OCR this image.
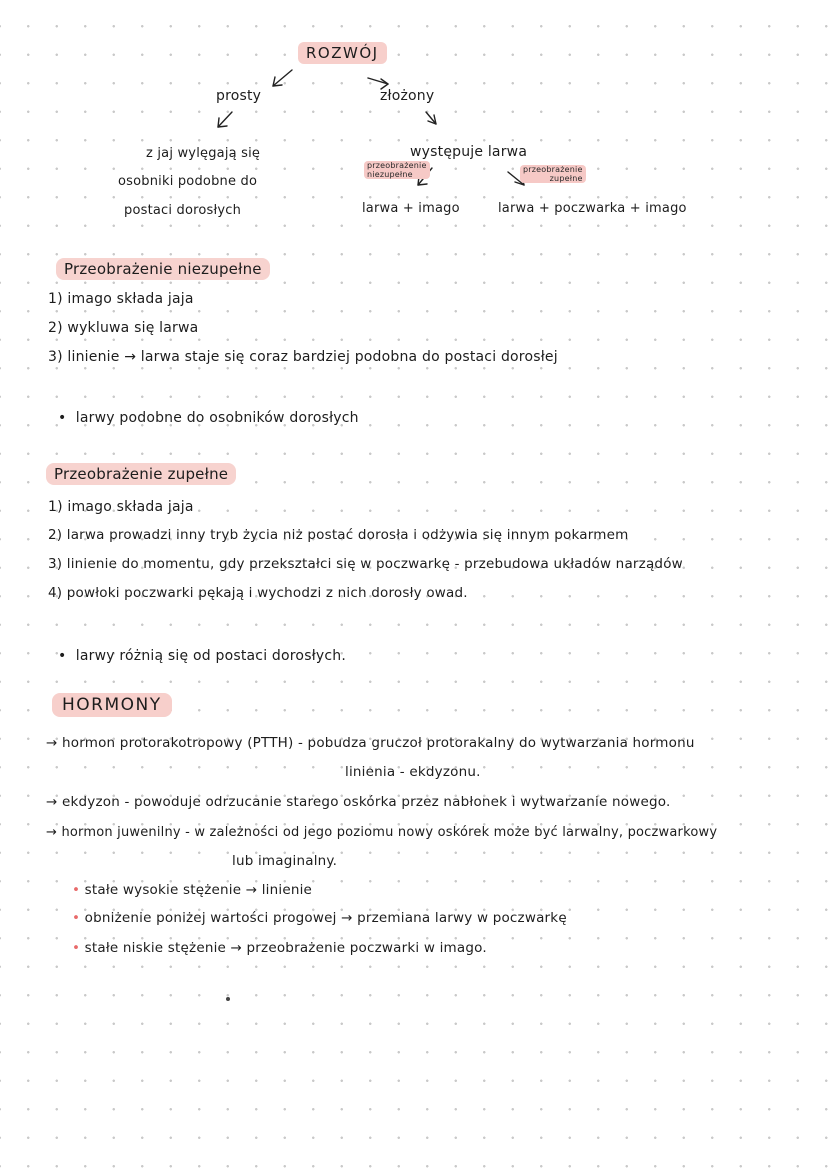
ROZWÓJ
prosty	złożony
z jaj wylęgają się
osobniki podobne do
postaci dorosłych
występuje larwa
przeobrażenie
niezupełne
przeobrażenie
zupełne
larwa + imago	larwa + poczwarka + imago
Przeobrażenie niezupełne
1) imago składa jaja
2) wykluwa się larwa
3) linienie → larwa staje się coraz bardziej podobna do postaci dorosłej
•  larwy podobne do osobników dorosłych
Przeobrażenie zupełne
1) imago składa jaja
2) larwa prowadzi inny tryb życia niż postać dorosła i odżywia się innym pokarmem
3) linienie do momentu, gdy przekształci się w poczwarkę - przebudowa układów narządów
4) powłoki poczwarki pękają i wychodzi z nich dorosły owad.
•  larwy różnią się od postaci dorosłych.
HORMONY
→ hormon protorakotropowy (PTTH) - pobudza gruczoł protorakalny do wytwarzania hormonu
linienia - ekdyzonu.
→ ekdyzon - powoduje odrzucanie starego oskórka przez nabłonek i wytwarzanie nowego.
→ hormon juwenilny - w zależności od jego poziomu nowy oskórek może być larwalny, poczwarkowy
lub imaginalny.
• stałe wysokie stężenie → linienie
• obniżenie poniżej wartości progowej → przemiana larwy w poczwarkę
• stałe niskie stężenie → przeobrażenie poczwarki w imago.
